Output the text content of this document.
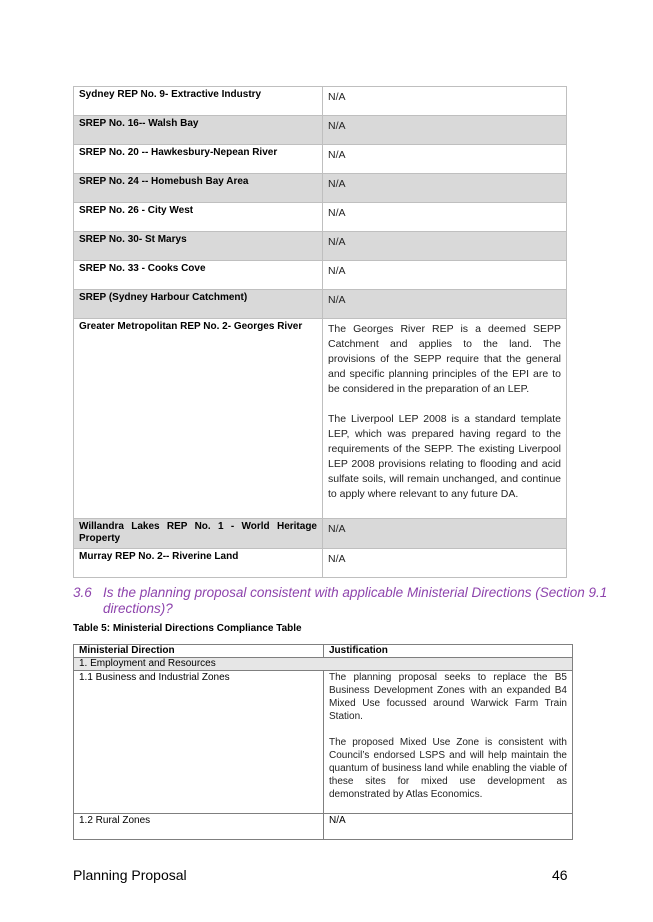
Sydney REP No. 9- Extractive Industry	N/A
SREP No. 16-- Walsh Bay	N/A
SREP No. 20 -- Hawkesbury-Nepean River	N/A
SREP No. 24 -- Homebush Bay Area	N/A
SREP No. 26 - City West	N/A
SREP No. 30- St Marys	N/A
SREP No. 33 - Cooks Cove	N/A
SREP (Sydney Harbour Catchment)	N/A
Greater Metropolitan REP No. 2- Georges River	The Georges River REP is a deemed SEPP Catchment and applies to the land. The provisions of the SEPP require that the general and specific planning principles of the EPI are to be considered in the preparation of an LEP.

The Liverpool LEP 2008 is a standard template LEP, which was prepared having regard to the requirements of the SEPP. The existing Liverpool LEP 2008 provisions relating to flooding and acid sulfate soils, will remain unchanged, and continue to apply where relevant to any future DA.

Willandra Lakes REP No. 1 - World Heritage Property	N/A
Murray REP No. 2-- Riverine Land	N/A
3.6 Is the planning proposal consistent with applicable Ministerial Directions (Section 9.1 directions)?
Table 5: Ministerial Directions Compliance Table
Ministerial Direction	Justification
1. Employment and Resources	
1.1 Business and Industrial Zones	The planning proposal seeks to replace the B5 Business Development Zones with an expanded B4 Mixed Use focussed around Warwick Farm Train Station.

The proposed Mixed Use Zone is consistent with Council’s endorsed LSPS and will help maintain the quantum of business land while enabling the viable of these sites for mixed use development as demonstrated by Atlas Economics.

1.2 Rural Zones	N/A
Planning Proposal	46
